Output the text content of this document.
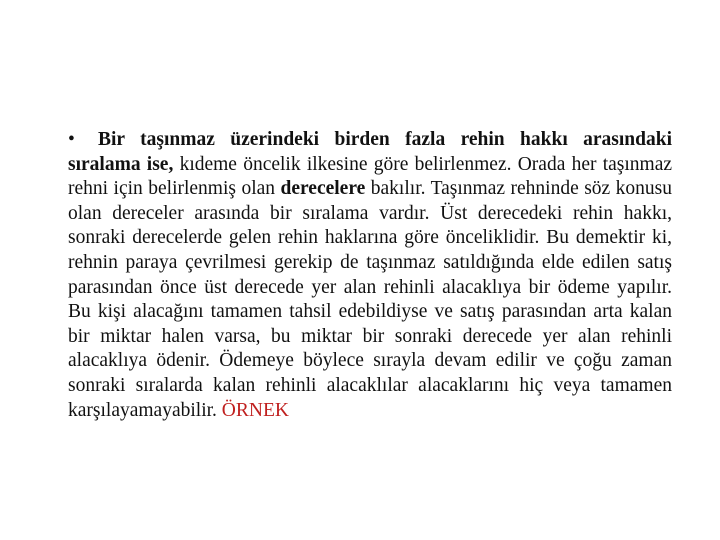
• Bir taşınmaz üzerindeki birden fazla rehin hakkı arasındaki sıralama ise, kıdeme öncelik ilkesine göre belirlenmez. Orada her taşınmaz rehni için belirlenmiş olan derecelere bakılır. Taşınmaz rehninde söz konusu olan dereceler arasında bir sıralama vardır. Üst derecedeki rehin hakkı, sonraki derecelerde gelen rehin haklarına göre önceliklidir. Bu demektir ki, rehnin paraya çevrilmesi gerekip de taşınmaz satıldığında elde edilen satış parasından önce üst derecede yer alan rehinli alacaklıya bir ödeme yapılır. Bu kişi alacağını tamamen tahsil edebildiyse ve satış parasından arta kalan bir miktar halen varsa, bu miktar bir sonraki derecede yer alan rehinli alacaklıya ödenir. Ödemeye böylece sırayla devam edilir ve çoğu zaman sonraki sıralarda kalan rehinli alacaklılar alacaklarını hiç veya tamamen karşılayamayabilir. ÖRNEK
